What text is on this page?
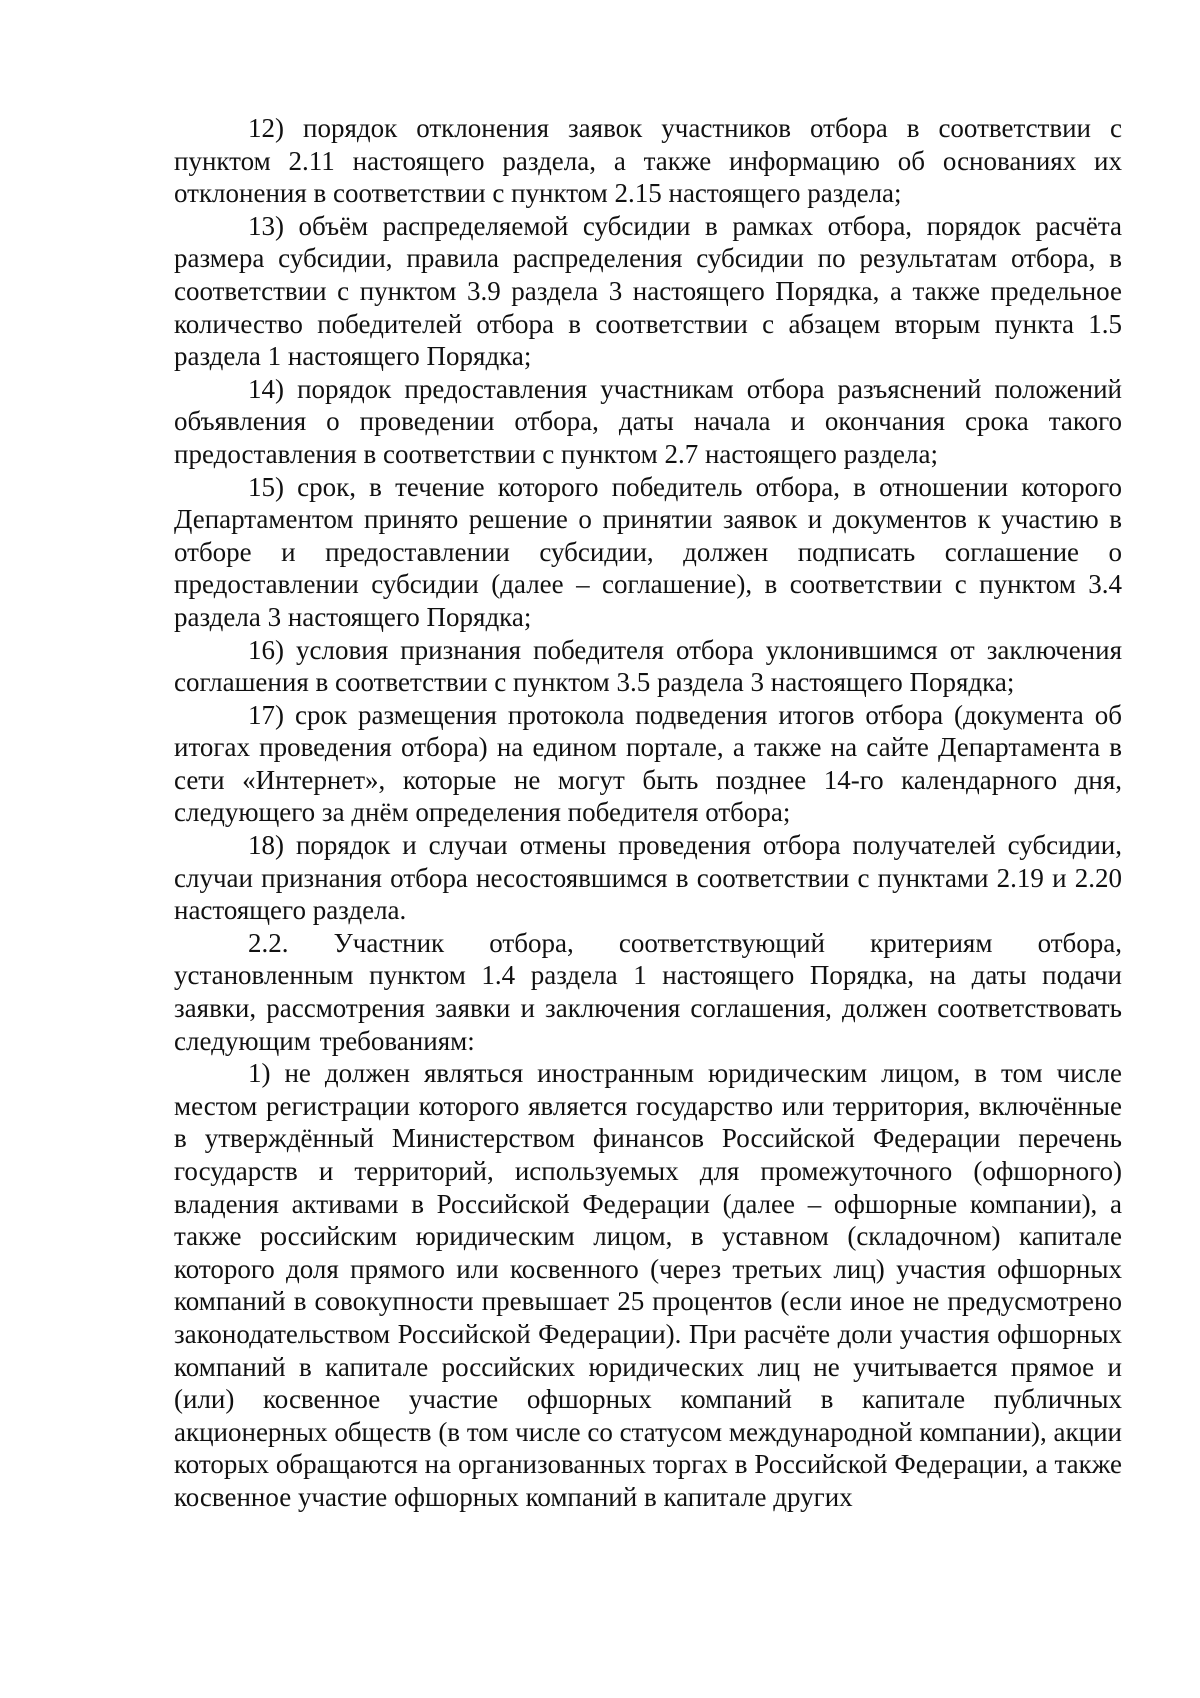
12) порядок отклонения заявок участников отбора в соответствии с пунктом 2.11 настоящего раздела, а также информацию об основаниях их отклонения в соответствии с пунктом 2.15 настоящего раздела;

13) объём распределяемой субсидии в рамках отбора, порядок расчёта размера субсидии, правила распределения субсидии по результатам отбора, в соответствии с пунктом 3.9 раздела 3 настоящего Порядка, а также предельное количество победителей отбора в соответствии с абзацем вторым пункта 1.5 раздела 1 настоящего Порядка;

14) порядок предоставления участникам отбора разъяснений положений объявления о проведении отбора, даты начала и окончания срока такого предоставления в соответствии с пунктом 2.7 настоящего раздела;

15) срок, в течение которого победитель отбора, в отношении которого Департаментом принято решение о принятии заявок и документов к участию в отборе и предоставлении субсидии, должен подписать соглашение о предоставлении субсидии (далее – соглашение), в соответствии с пунктом 3.4 раздела 3 настоящего Порядка;

16) условия признания победителя отбора уклонившимся от заключения соглашения в соответствии с пунктом 3.5 раздела 3 настоящего Порядка;

17) срок размещения протокола подведения итогов отбора (документа об итогах проведения отбора) на едином портале, а также на сайте Департамента в сети «Интернет», которые не могут быть позднее 14-го календарного дня, следующего за днём определения победителя отбора;

18) порядок и случаи отмены проведения отбора получателей субсидии, случаи признания отбора несостоявшимся в соответствии с пунктами 2.19 и 2.20 настоящего раздела.

2.2. Участник отбора, соответствующий критериям отбора, установленным пунктом 1.4 раздела 1 настоящего Порядка, на даты подачи заявки, рассмотрения заявки и заключения соглашения, должен соответствовать следующим требованиям:

1) не должен являться иностранным юридическим лицом, в том числе местом регистрации которого является государство или территория, включённые в утверждённый Министерством финансов Российской Федерации перечень государств и территорий, используемых для промежуточного (офшорного) владения активами в Российской Федерации (далее – офшорные компании), а также российским юридическим лицом, в уставном (складочном) капитале которого доля прямого или косвенного (через третьих лиц) участия офшорных компаний в совокупности превышает 25 процентов (если иное не предусмотрено законодательством Российской Федерации). При расчёте доли участия офшорных компаний в капитале российских юридических лиц не учитывается прямое и (или) косвенное участие офшорных компаний в капитале публичных акционерных обществ (в том числе со статусом международной компании), акции которых обращаются на организованных торгах в Российской Федерации, а также косвенное участие офшорных компаний в капитале других
